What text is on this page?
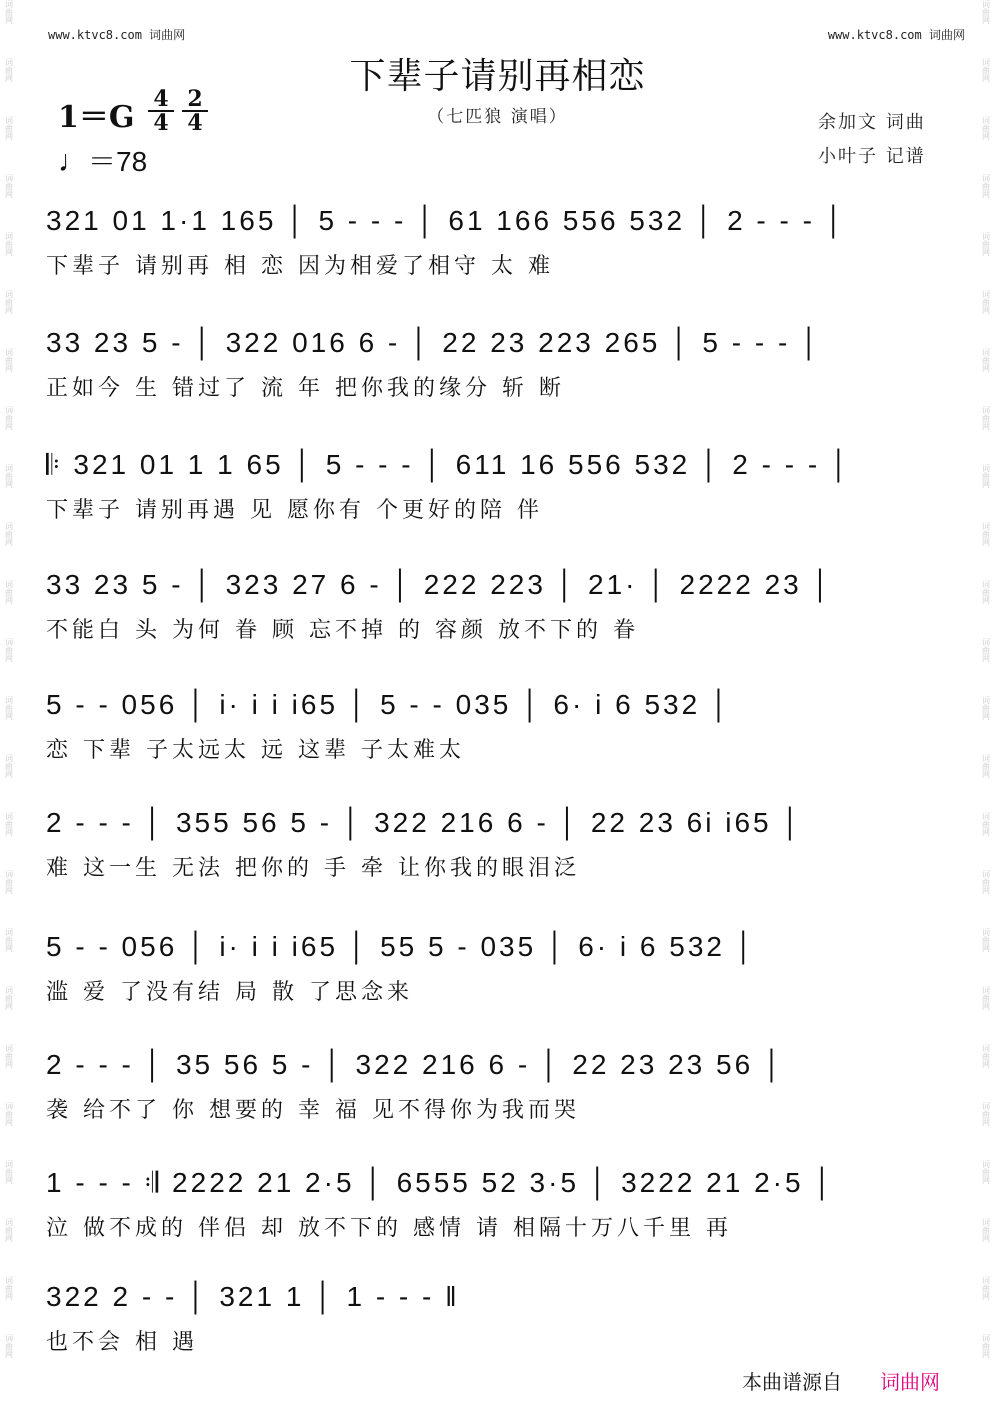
词曲网
词曲网
词曲网
词曲网
词曲网
词曲网
词曲网
词曲网
词曲网
词曲网
词曲网
词曲网
词曲网
词曲网
词曲网
词曲网
词曲网
词曲网
词曲网
词曲网
词曲网
词曲网
词曲网
词曲网
词曲网
词曲网
词曲网
词曲网
词曲网
词曲网
词曲网
词曲网
词曲网
词曲网
词曲网
词曲网
词曲网
词曲网
词曲网
词曲网
词曲网
词曲网
词曲网
词曲网
词曲网
词曲网
词曲网
词曲网
www.ktvc8.com 词曲网	www.ktvc8.com 词曲网
下辈子请别再相恋
（七匹狼 演唱）
$1=G \frac{4}{4} \frac{2}{4}$
♩＝78
余加文 词曲
小叶子 记谱
321 01 1·1 165 │ 5 - - - │ 61 166 556 532 │ 2 - - - │
下辈子 请别再 相 恋 因为相爱了相守 太 难
33 23 5 - │ 322 016 6 - │ 22 23 223 265 │ 5 - - - │
正如今 生 错过了 流 年 把你我的缘分 斩 断
𝄆 321 01 1 1 65 │ 5 - - - │ 611 16 556 532 │ 2 - - - │
下辈子 请别再遇 见 愿你有 个更好的陪 伴
33 23 5 - │ 323 27 6 - │ 222 223 │ 21· │ 2222 23 │
不能白 头 为何 眷 顾 忘不掉 的 容颜 放不下的 眷
5 - - 056 │ i· i i i65 │ 5 - - 035 │ 6· i 6 532 │
恋 下辈 子太远太 远 这辈 子太难太
2 - - - │ 355 56 5 - │ 322 216 6 - │ 22 23 6i i65 │
难 这一生 无法 把你的 手 牵 让你我的眼泪泛
5 - - 056 │ i· i i i65 │ 55 5 - 035 │ 6· i 6 532 │
滥 爱 了没有结 局 散 了思念来
2 - - - │ 35 56 5 - │ 322 216 6 - │ 22 23 23 56 │
袭 给不了 你 想要的 幸 福 见不得你为我而哭
1 - - - 𝄇 2222 21 2·5 │ 6555 52 3·5 │ 3222 21 2·5 │
泣 做不成的 伴侣 却 放不下的 感情 请 相隔十万八千里 再
322 2 - - │ 321 1 │ 1 - - - ‖
也不会 相 遇
本曲谱源自 词曲网
